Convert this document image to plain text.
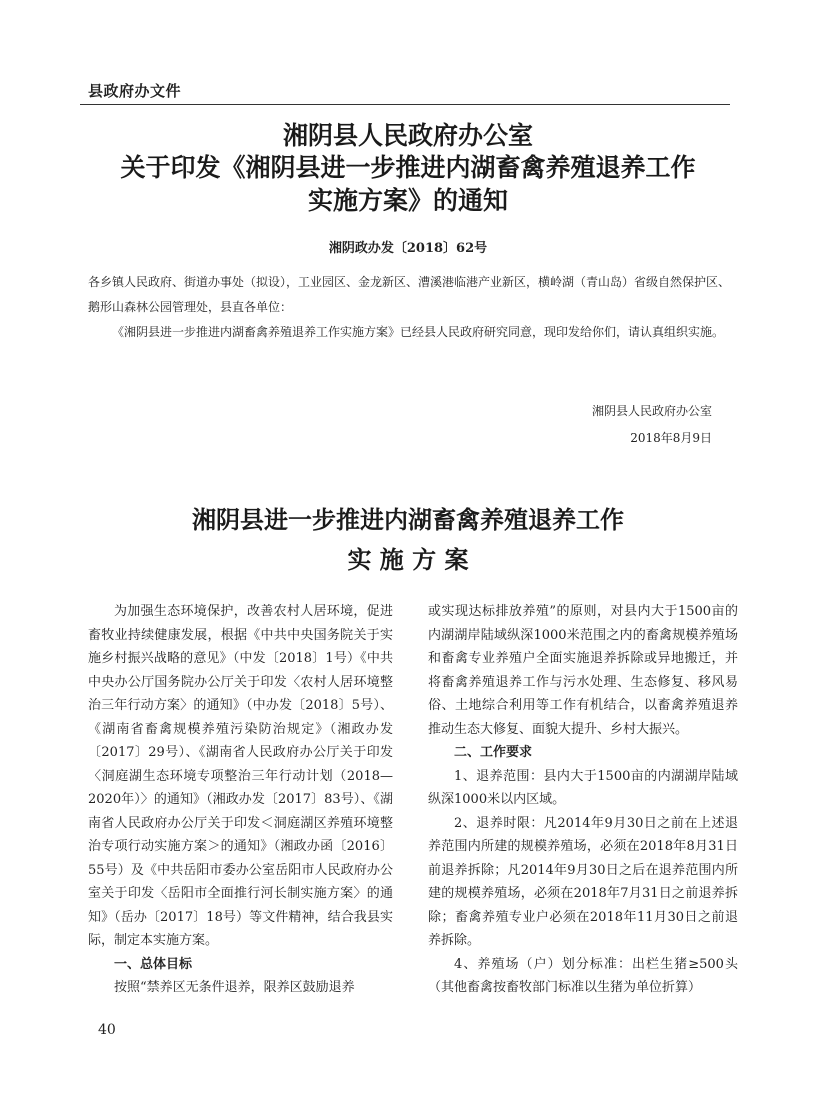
县政府办文件
湘阴县人民政府办公室
关于印发《湘阴县进一步推进内湖畜禽养殖退养工作
实施方案》的通知
湘阴政办发〔2018〕62号

各乡镇人民政府、街道办事处（拟设），工业园区、金龙新区、漕溪港临港产业新区，横岭湖（青山岛）省级自然保护区、鹅形山森林公园管理处，县直各单位：

《湘阴县进一步推进内湖畜禽养殖退养工作实施方案》已经县人民政府研究同意，现印发给你们，请认真组织实施。

湘阴县人民政府办公室
2018年8月9日
湘阴县进一步推进内湖畜禽养殖退养工作
实 施 方 案

为加强生态环境保护，改善农村人居环境，促进畜牧业持续健康发展，根据《中共中央国务院关于实施乡村振兴战略的意见》（中发〔2018〕1号）《中共中央办公厅国务院办公厅关于印发〈农村人居环境整治三年行动方案〉的通知》（中办发〔2018〕5号）、《湖南省畜禽规模养殖污染防治规定》（湘政办发〔2017〕29号）、《湖南省人民政府办公厅关于印发〈洞庭湖生态环境专项整治三年行动计划（2018—2020年）〉的通知》（湘政办发〔2017〕83号）、《湖南省人民政府办公厅关于印发＜洞庭湖区养殖环境整治专项行动实施方案＞的通知》（湘政办函〔2016〕55号）及《中共岳阳市委办公室岳阳市人民政府办公室关于印发〈岳阳市全面推行河长制实施方案〉的通知》（岳办〔2017〕18号）等文件精神，结合我县实际，制定本实施方案。

一、总体目标

按照“禁养区无条件退养，限养区鼓励退养

或实现达标排放养殖”的原则，对县内大于1500亩的内湖湖岸陆域纵深1000米范围之内的畜禽规模养殖场和畜禽专业养殖户全面实施退养拆除或异地搬迁，并将畜禽养殖退养工作与污水处理、生态修复、移风易俗、土地综合利用等工作有机结合，以畜禽养殖退养推动生态大修复、面貌大提升、乡村大振兴。

二、工作要求

1、退养范围：县内大于1500亩的内湖湖岸陆域纵深1000米以内区域。

2、退养时限：凡2014年9月30日之前在上述退养范围内所建的规模养殖场，必须在2018年8月31日前退养拆除；凡2014年9月30日之后在退养范围内所建的规模养殖场，必须在2018年7月31日之前退养拆除；畜禽养殖专业户必须在2018年11月30日之前退养拆除。

4、养殖场（户）划分标准：出栏生猪≥500头（其他畜禽按畜牧部门标准以生猪为单位折算）

40
